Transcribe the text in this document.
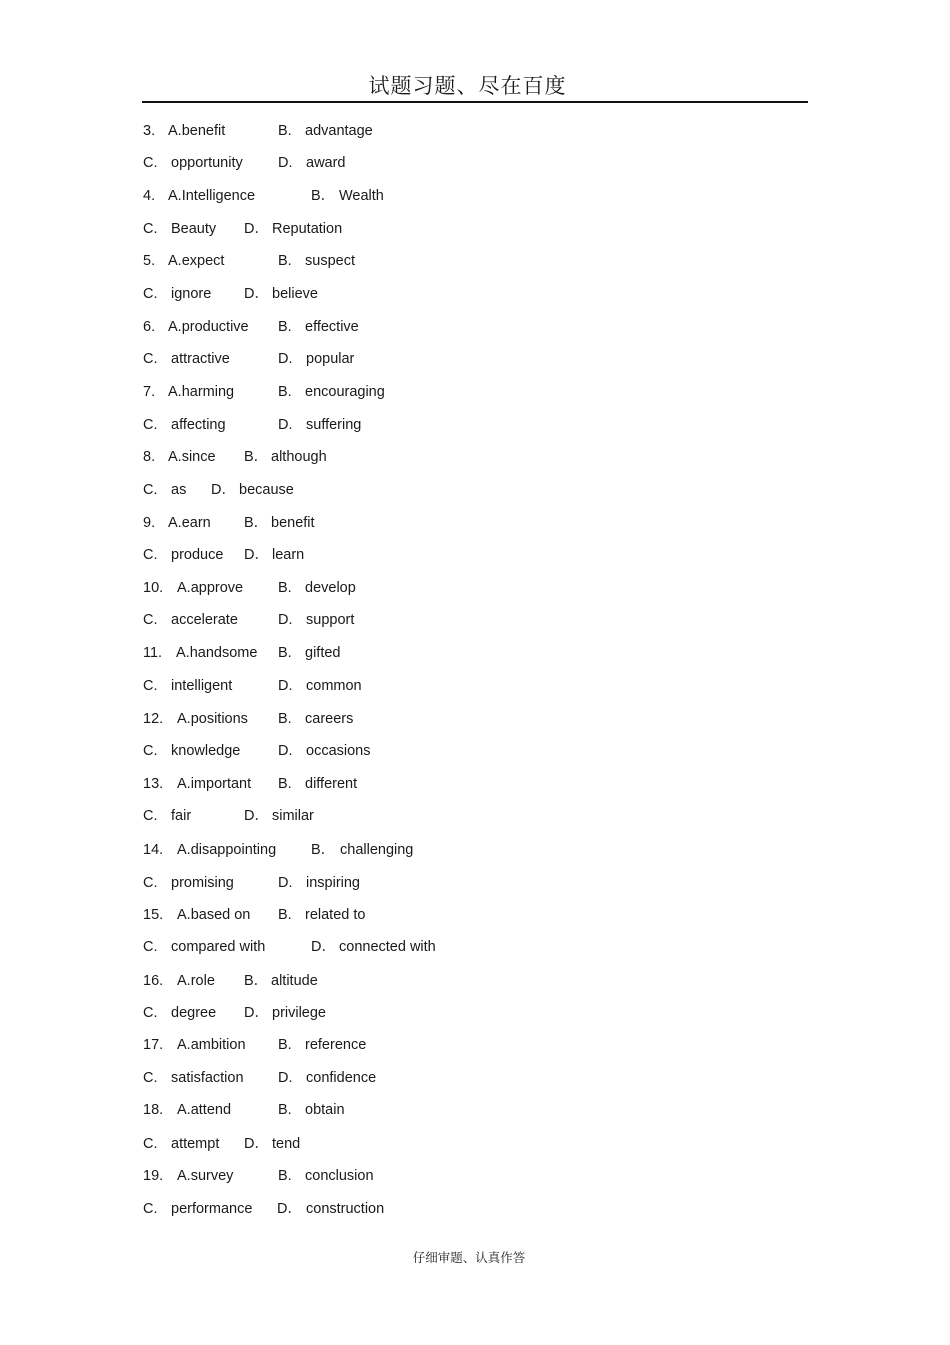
试题习题、尽在百度
3. A.benefit	B. advantage
C. opportunity D. award
4. A.Intelligence	B． Wealth
C. Beauty D． Reputation
5. A.expect	B. suspect
C. ignore D． believe
6. A.productive B. effective
C. attractive	D. popular
7. A.harming	B. encouraging
C. affecting	D. suffering
8. A.since B． although
C. as D． because
9. A.earn B． benefit
C. produce D． learn
10. A.approve B. develop
C. accelerate	D. support
11. A.handsome B. gifted
C. intelligent	D. common
12. A.positions B. careers
C. knowledge	D. occasions
13. A.important B. different
C. fair	D． similar
14. A.disappointing B． challenging
C. promising	D. inspiring
15. A.based on B. related to
C. compared with	D． connected with
16. A.role B． altitude
C. degree D． privilege
17. A.ambition B. reference
C. satisfaction D. confidence
18. A.attend	B. obtain
C. attempt D． tend
19. A.survey	B. conclusion
C. performance D． construction
仔细审题、认真作答
